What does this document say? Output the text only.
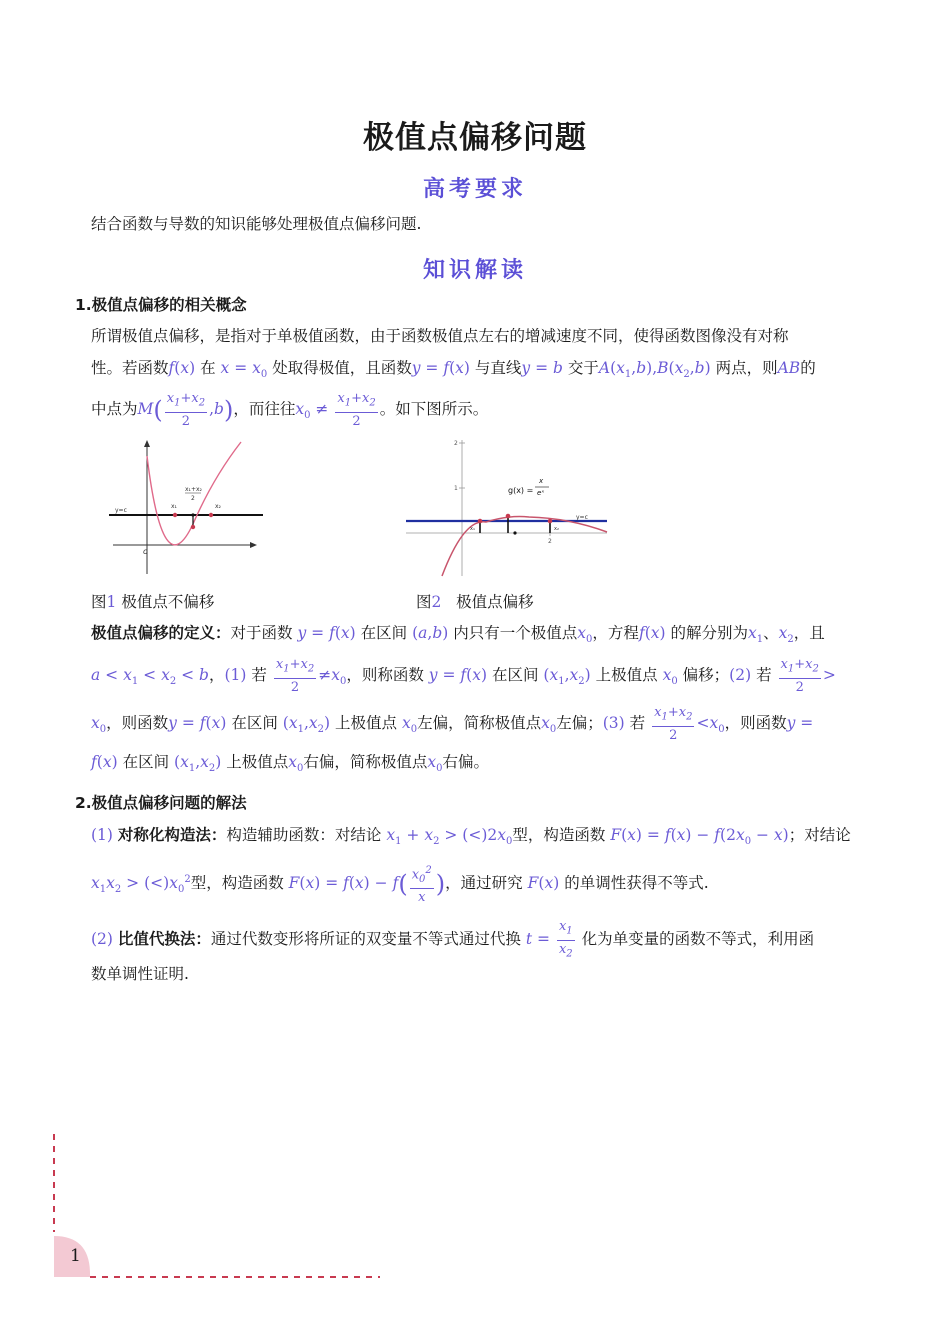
极值点偏移问题
高考要求
结合函数与导数的知识能够处理极值点偏移问题.
知识解读
1.极值点偏移的相关概念
所谓极值点偏移，是指对于单极值函数，由于函数极值点左右的增减速度不同，使得函数图像没有对称
性。若函数f(x) 在 $x = x_0$ 处取得极值，且函数y = f(x) 与直线y = b 交于$A(x_1,b),B(x_2,b)$ 两点，则AB的
中点为$M( \frac{x_1+x_2}{2} ,b)$，而往往$x_0 \ne \frac{x_1+x_2}{2}$ 。如下图所示。
y=c
x₁	x₂
x₁+x₂
2
o
2
1
2
g(x) =
x
eˣ
y=c
x₁	x₂
图1 极值点不偏移	图2 极值点偏移
极值点偏移的定义：对于函数 y = f(x) 在区间 (a,b) 内只有一个极值点$x_0$，方程f(x) 的解分别为$x_1$、$x_2$，且
$a < x_1 < x_2 < b$，(1) 若 $\frac{x_1+x_2}{2} \ne x_0$，则称函数 y = f(x) 在区间 $(x_1,x_2)$ 上极值点 $x_0$ 偏移；(2) 若 $\frac{x_1+x_2}{2}$ >
$x_0$，则函数y = f(x) 在区间 $(x_1,x_2)$ 上极值点 $x_0$左偏，简称极值点$x_0$左偏；(3) 若 $\frac{x_1+x_2}{2} <x_0$，则函数y =
f(x) 在区间 $(x_1,x_2)$ 上极值点$x_0$右偏，简称极值点$x_0$右偏。
2.极值点偏移问题的解法
(1) 对称化构造法：构造辅助函数：对结论 $x_1 + x_2 > (<)2x_0$型，构造函数 $F(x) = f(x) - f(2x_0 - x)$；对结论
$x_1x_2 > (<)x_0^2$型，构造函数 $F(x) = f(x) - f( \frac{x_0^2}{x}$ )，通过研究 F(x) 的单调性获得不等式.
(2) 比值代换法：通过代数变形将所证的双变量不等式通过代换 $t = \frac{x_1}{x_2}$ 化为单变量的函数不等式，利用函
数单调性证明.
1
